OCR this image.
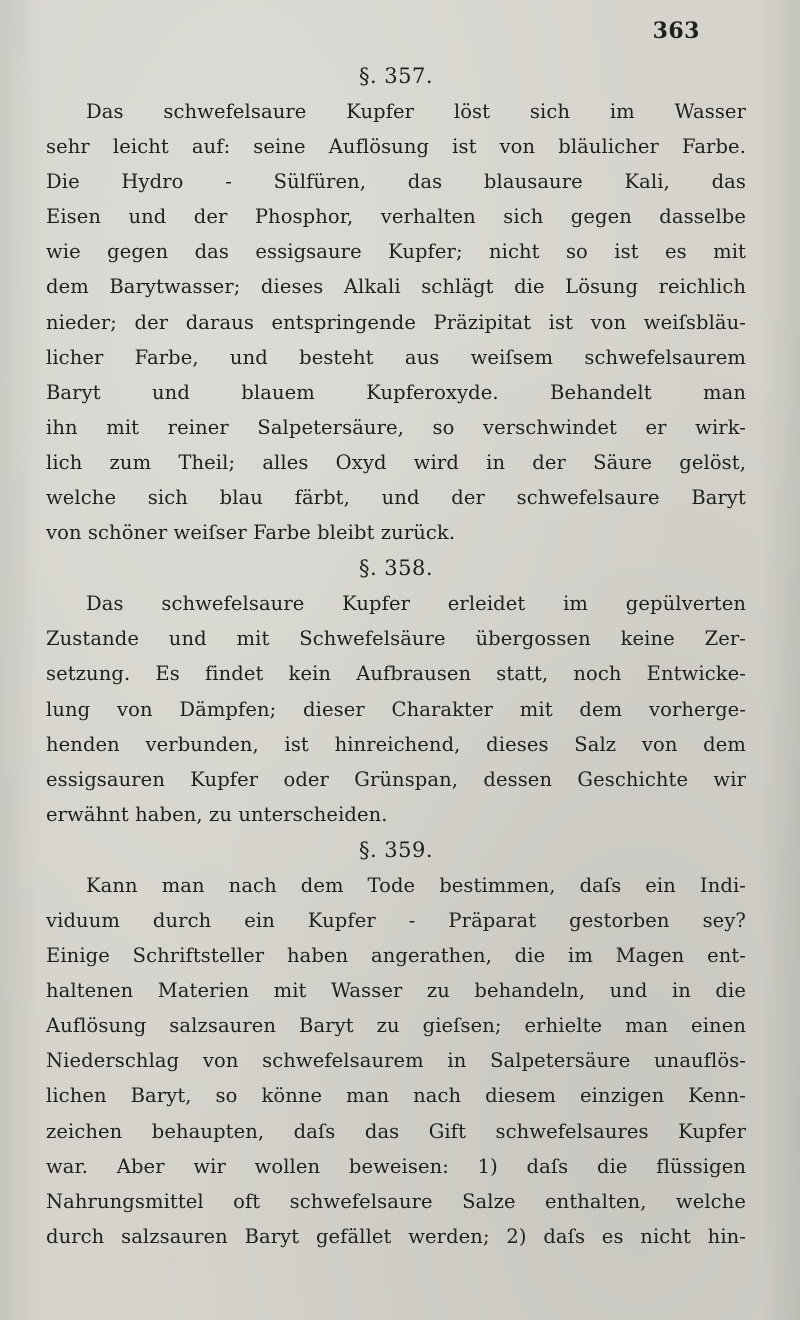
363
§. 357.
Das schwefelsaure Kupfer löst sich im Wasser
sehr leicht auf: seine Auflösung ist von bläulicher Farbe.
Die Hydro - Sülfüren, das blausaure Kali, das
Eisen und der Phosphor, verhalten sich gegen dasselbe
wie gegen das essigsaure Kupfer; nicht so ist es mit
dem Barytwasser; dieses Alkali schlägt die Lösung reichlich
nieder; der daraus entspringende Präzipitat ist von weiſsbläu-
licher Farbe, und besteht aus weiſsem schwefelsaurem
Baryt und blauem Kupferoxyde. Behandelt man
ihn mit reiner Salpetersäure, so verschwindet er wirk-
lich zum Theil; alles Oxyd wird in der Säure gelöst,
welche sich blau färbt, und der schwefelsaure Baryt
von schöner weiſser Farbe bleibt zurück.
§. 358.
Das schwefelsaure Kupfer erleidet im gepülverten
Zustande und mit Schwefelsäure übergossen keine Zer-
setzung. Es findet kein Aufbrausen statt, noch Entwicke-
lung von Dämpfen; dieser Charakter mit dem vorherge-
henden verbunden, ist hinreichend, dieses Salz von dem
essigsauren Kupfer oder Grünspan, dessen Geschichte wir
erwähnt haben, zu unterscheiden.
§. 359.
Kann man nach dem Tode bestimmen, daſs ein Indi-
viduum durch ein Kupfer - Präparat gestorben sey?
Einige Schriftsteller haben angerathen, die im Magen ent-
haltenen Materien mit Wasser zu behandeln, und in die
Auflösung salzsauren Baryt zu gieſsen; erhielte man einen
Niederschlag von schwefelsaurem in Salpetersäure unauflös-
lichen Baryt, so könne man nach diesem einzigen Kenn-
zeichen behaupten, daſs das Gift schwefelsaures Kupfer
war. Aber wir wollen beweisen: 1) daſs die flüssigen
Nahrungsmittel oft schwefelsaure Salze enthalten, welche
durch salzsauren Baryt gefället werden; 2) daſs es nicht hin-
